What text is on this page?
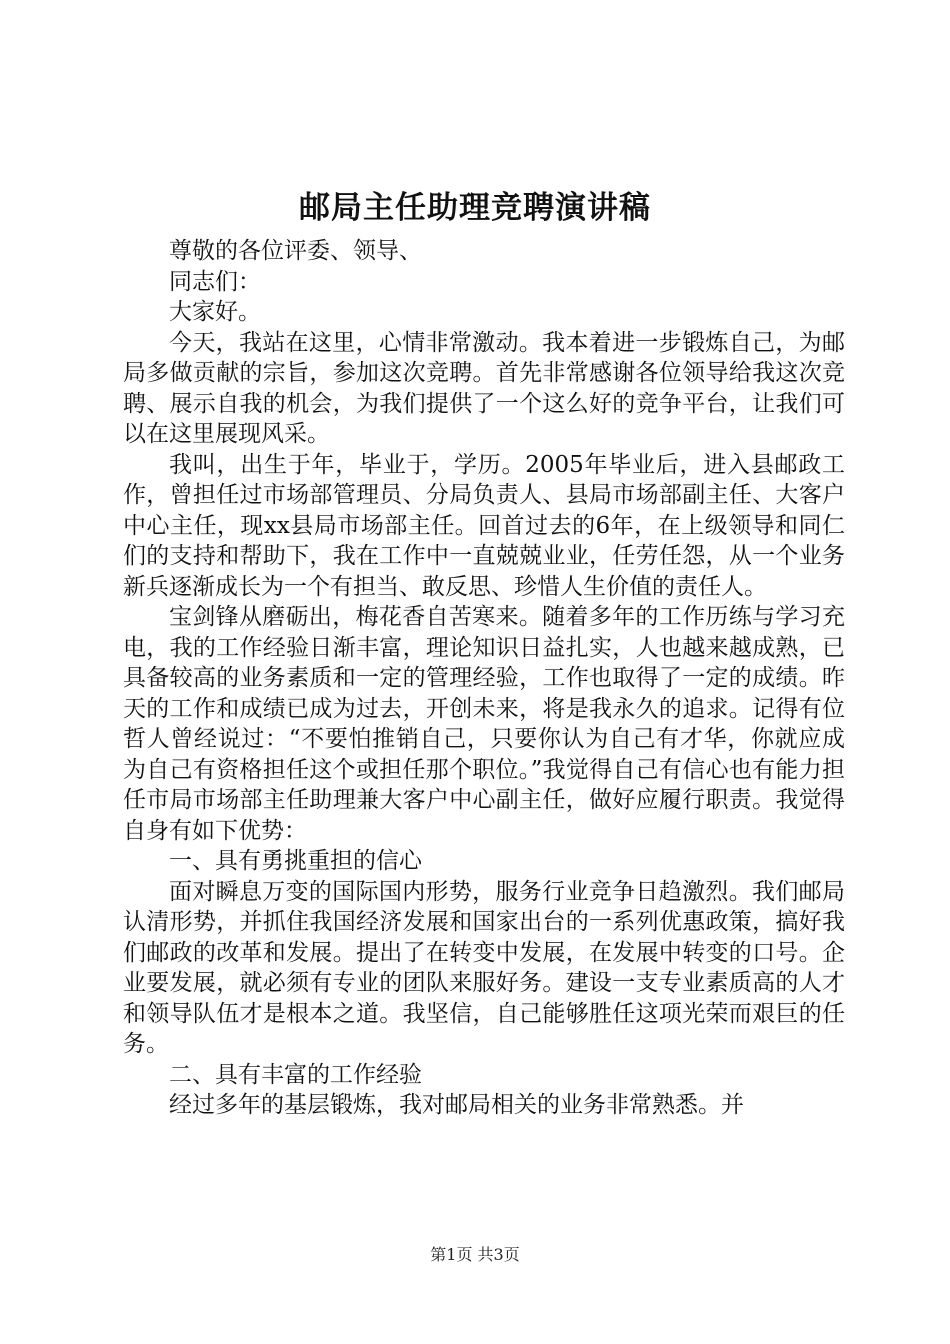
邮局主任助理竞聘演讲稿

尊敬的各位评委、领导、

同志们：

大家好。

今天，我站在这里，心情非常激动。我本着进一步锻炼自己，为邮局多做贡献的宗旨，参加这次竞聘。首先非常感谢各位领导给我这次竞聘、展示自我的机会，为我们提供了一个这么好的竞争平台，让我们可以在这里展现风采。

我叫，出生于年，毕业于，学历。2005年毕业后，进入县邮政工作，曾担任过市场部管理员、分局负责人、县局市场部副主任、大客户中心主任，现xx县局市场部主任。回首过去的6年，在上级领导和同仁们的支持和帮助下，我在工作中一直兢兢业业，任劳任怨，从一个业务新兵逐渐成长为一个有担当、敢反思、珍惜人生价值的责任人。

宝剑锋从磨砺出，梅花香自苦寒来。随着多年的工作历练与学习充电，我的工作经验日渐丰富，理论知识日益扎实，人也越来越成熟，已具备较高的业务素质和一定的管理经验，工作也取得了一定的成绩。昨天的工作和成绩已成为过去，开创未来，将是我永久的追求。记得有位哲人曾经说过：“不要怕推销自己，只要你认为自己有才华，你就应成为自己有资格担任这个或担任那个职位。”我觉得自己有信心也有能力担任市局市场部主任助理兼大客户中心副主任，做好应履行职责。我觉得自身有如下优势：

一、具有勇挑重担的信心

面对瞬息万变的国际国内形势，服务行业竞争日趋激烈。我们邮局认清形势，并抓住我国经济发展和国家出台的一系列优惠政策，搞好我们邮政的改革和发展。提出了在转变中发展，在发展中转变的口号。企业要发展，就必须有专业的团队来服好务。建设一支专业素质高的人才和领导队伍才是根本之道。我坚信，自己能够胜任这项光荣而艰巨的任务。

二、具有丰富的工作经验

经过多年的基层锻炼，我对邮局相关的业务非常熟悉。并

第1页 共3页
